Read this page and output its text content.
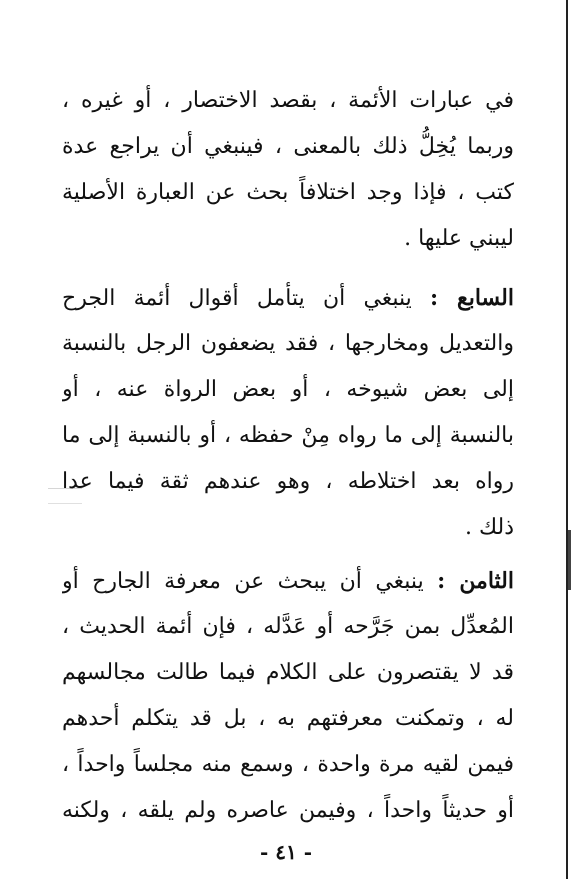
في عبارات الأئمة ، بقصد الاختصار ، أو غيره ،
وربما يُخِلُّ ذلك بالمعنى ، فينبغي أن يراجع عدة
كتب ، فإذا وجد اختلافاً بحث عن العبارة الأصلية
ليبني عليها .
السابع : ينبغي أن يتأمل أقوال أئمة الجرح
والتعديل ومخارجها ، فقد يضعفون الرجل بالنسبة
إلى بعض شيوخه ، أو بعض الرواة عنه ، أو
بالنسبة إلى ما رواه مِنْ حفظه ، أو بالنسبة إلى ما
رواه بعد اختلاطه ، وهو عندهم ثقة فيما عدا
ذلك .
الثامن : ينبغي أن يبحث عن معرفة الجارح أو
المُعدِّل بمن جَرَّحه أو عَدَّله ، فإن أئمة الحديث ،
قد لا يقتصرون على الكلام فيما طالت مجالسهم
له ، وتمكنت معرفتهم به ، بل قد يتكلم أحدهم
فيمن لقيه مرة واحدة ، وسمع منه مجلساً واحداً ،
أو حديثاً واحداً ، وفيمن عاصره ولم يلقه ، ولكنه
- ٤١ -
